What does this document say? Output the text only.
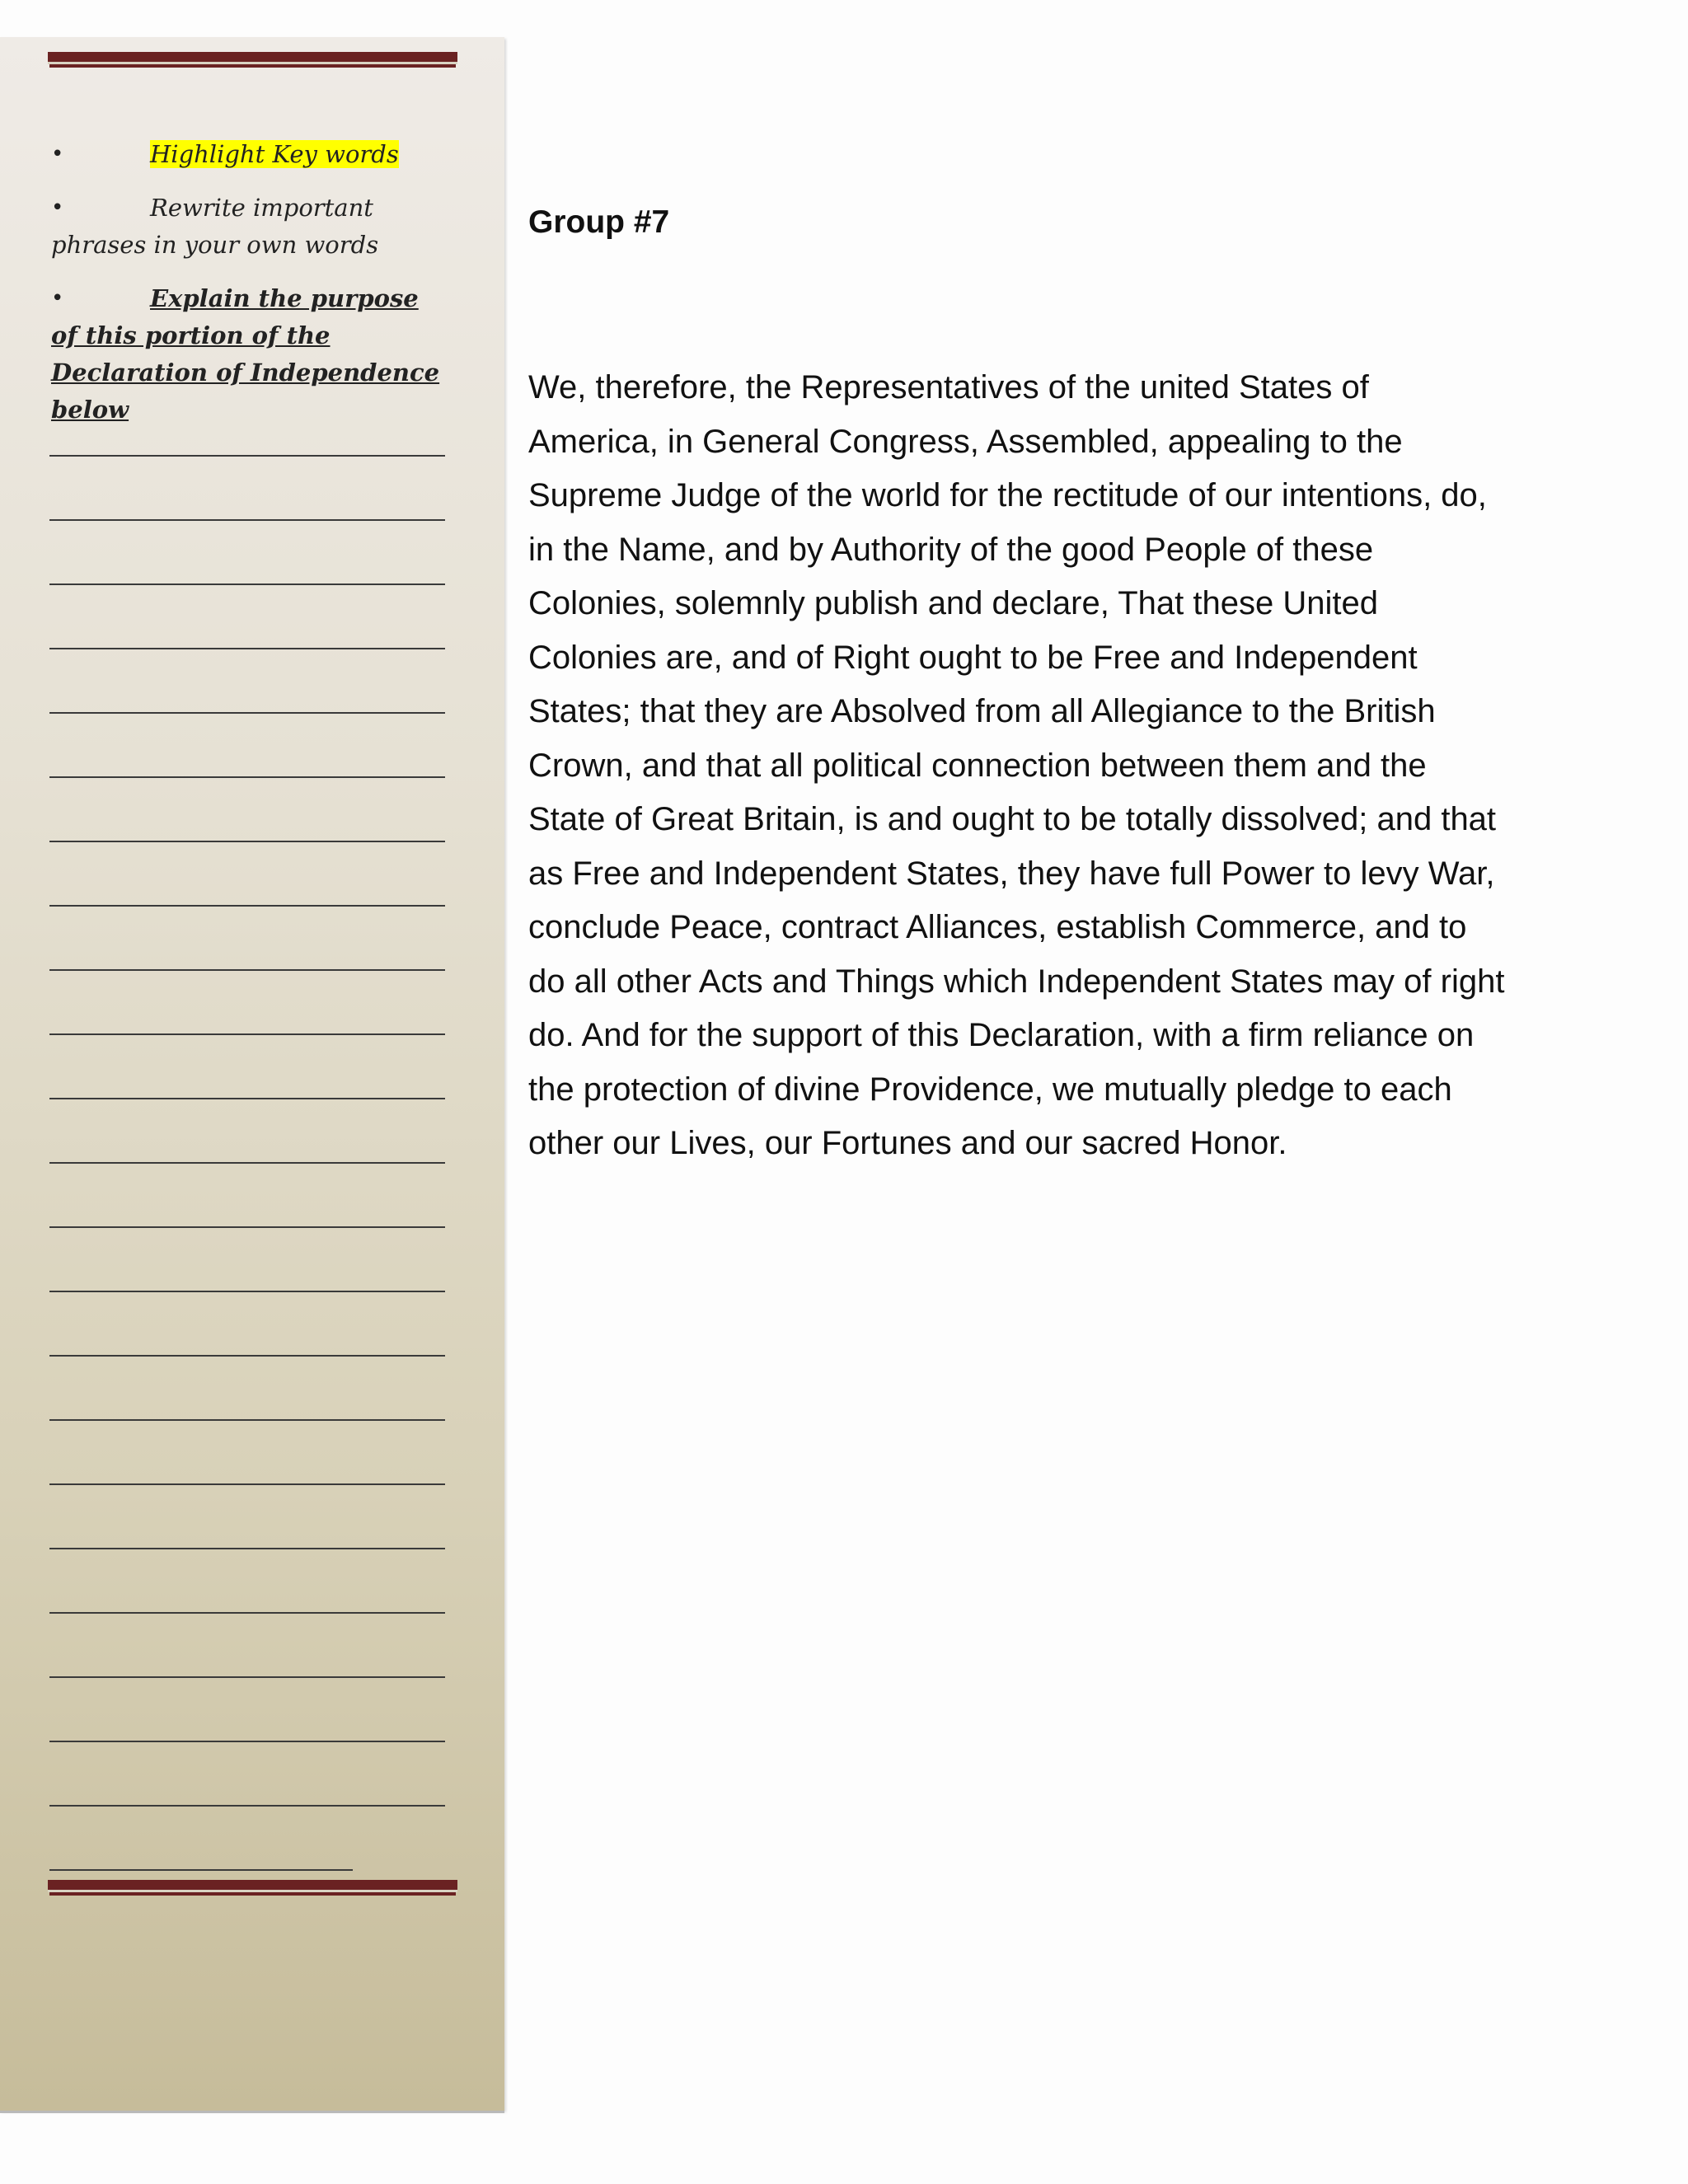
•	Highlight Key words
•	Rewrite important phrases in your own words
•	Explain the purpose of this portion of the Declaration of Independence below
Group #7

We, therefore, the Representatives of the united States of America, in General Congress, Assembled, appealing to the Supreme Judge of the world for the rectitude of our intentions, do, in the Name, and by Authority of the good People of these Colonies, solemnly publish and declare, That these United Colonies are, and of Right ought to be Free and Independent States; that they are Absolved from all Allegiance to the British Crown, and that all political connection between them and the State of Great Britain, is and ought to be totally dissolved; and that as Free and Independent States, they have full Power to levy War, conclude Peace, contract Alliances, establish Commerce, and to do all other Acts and Things which Independent States may of right do. And for the support of this Declaration, with a firm reliance on the protection of divine Providence, we mutually pledge to each other our Lives, our Fortunes and our sacred Honor.
